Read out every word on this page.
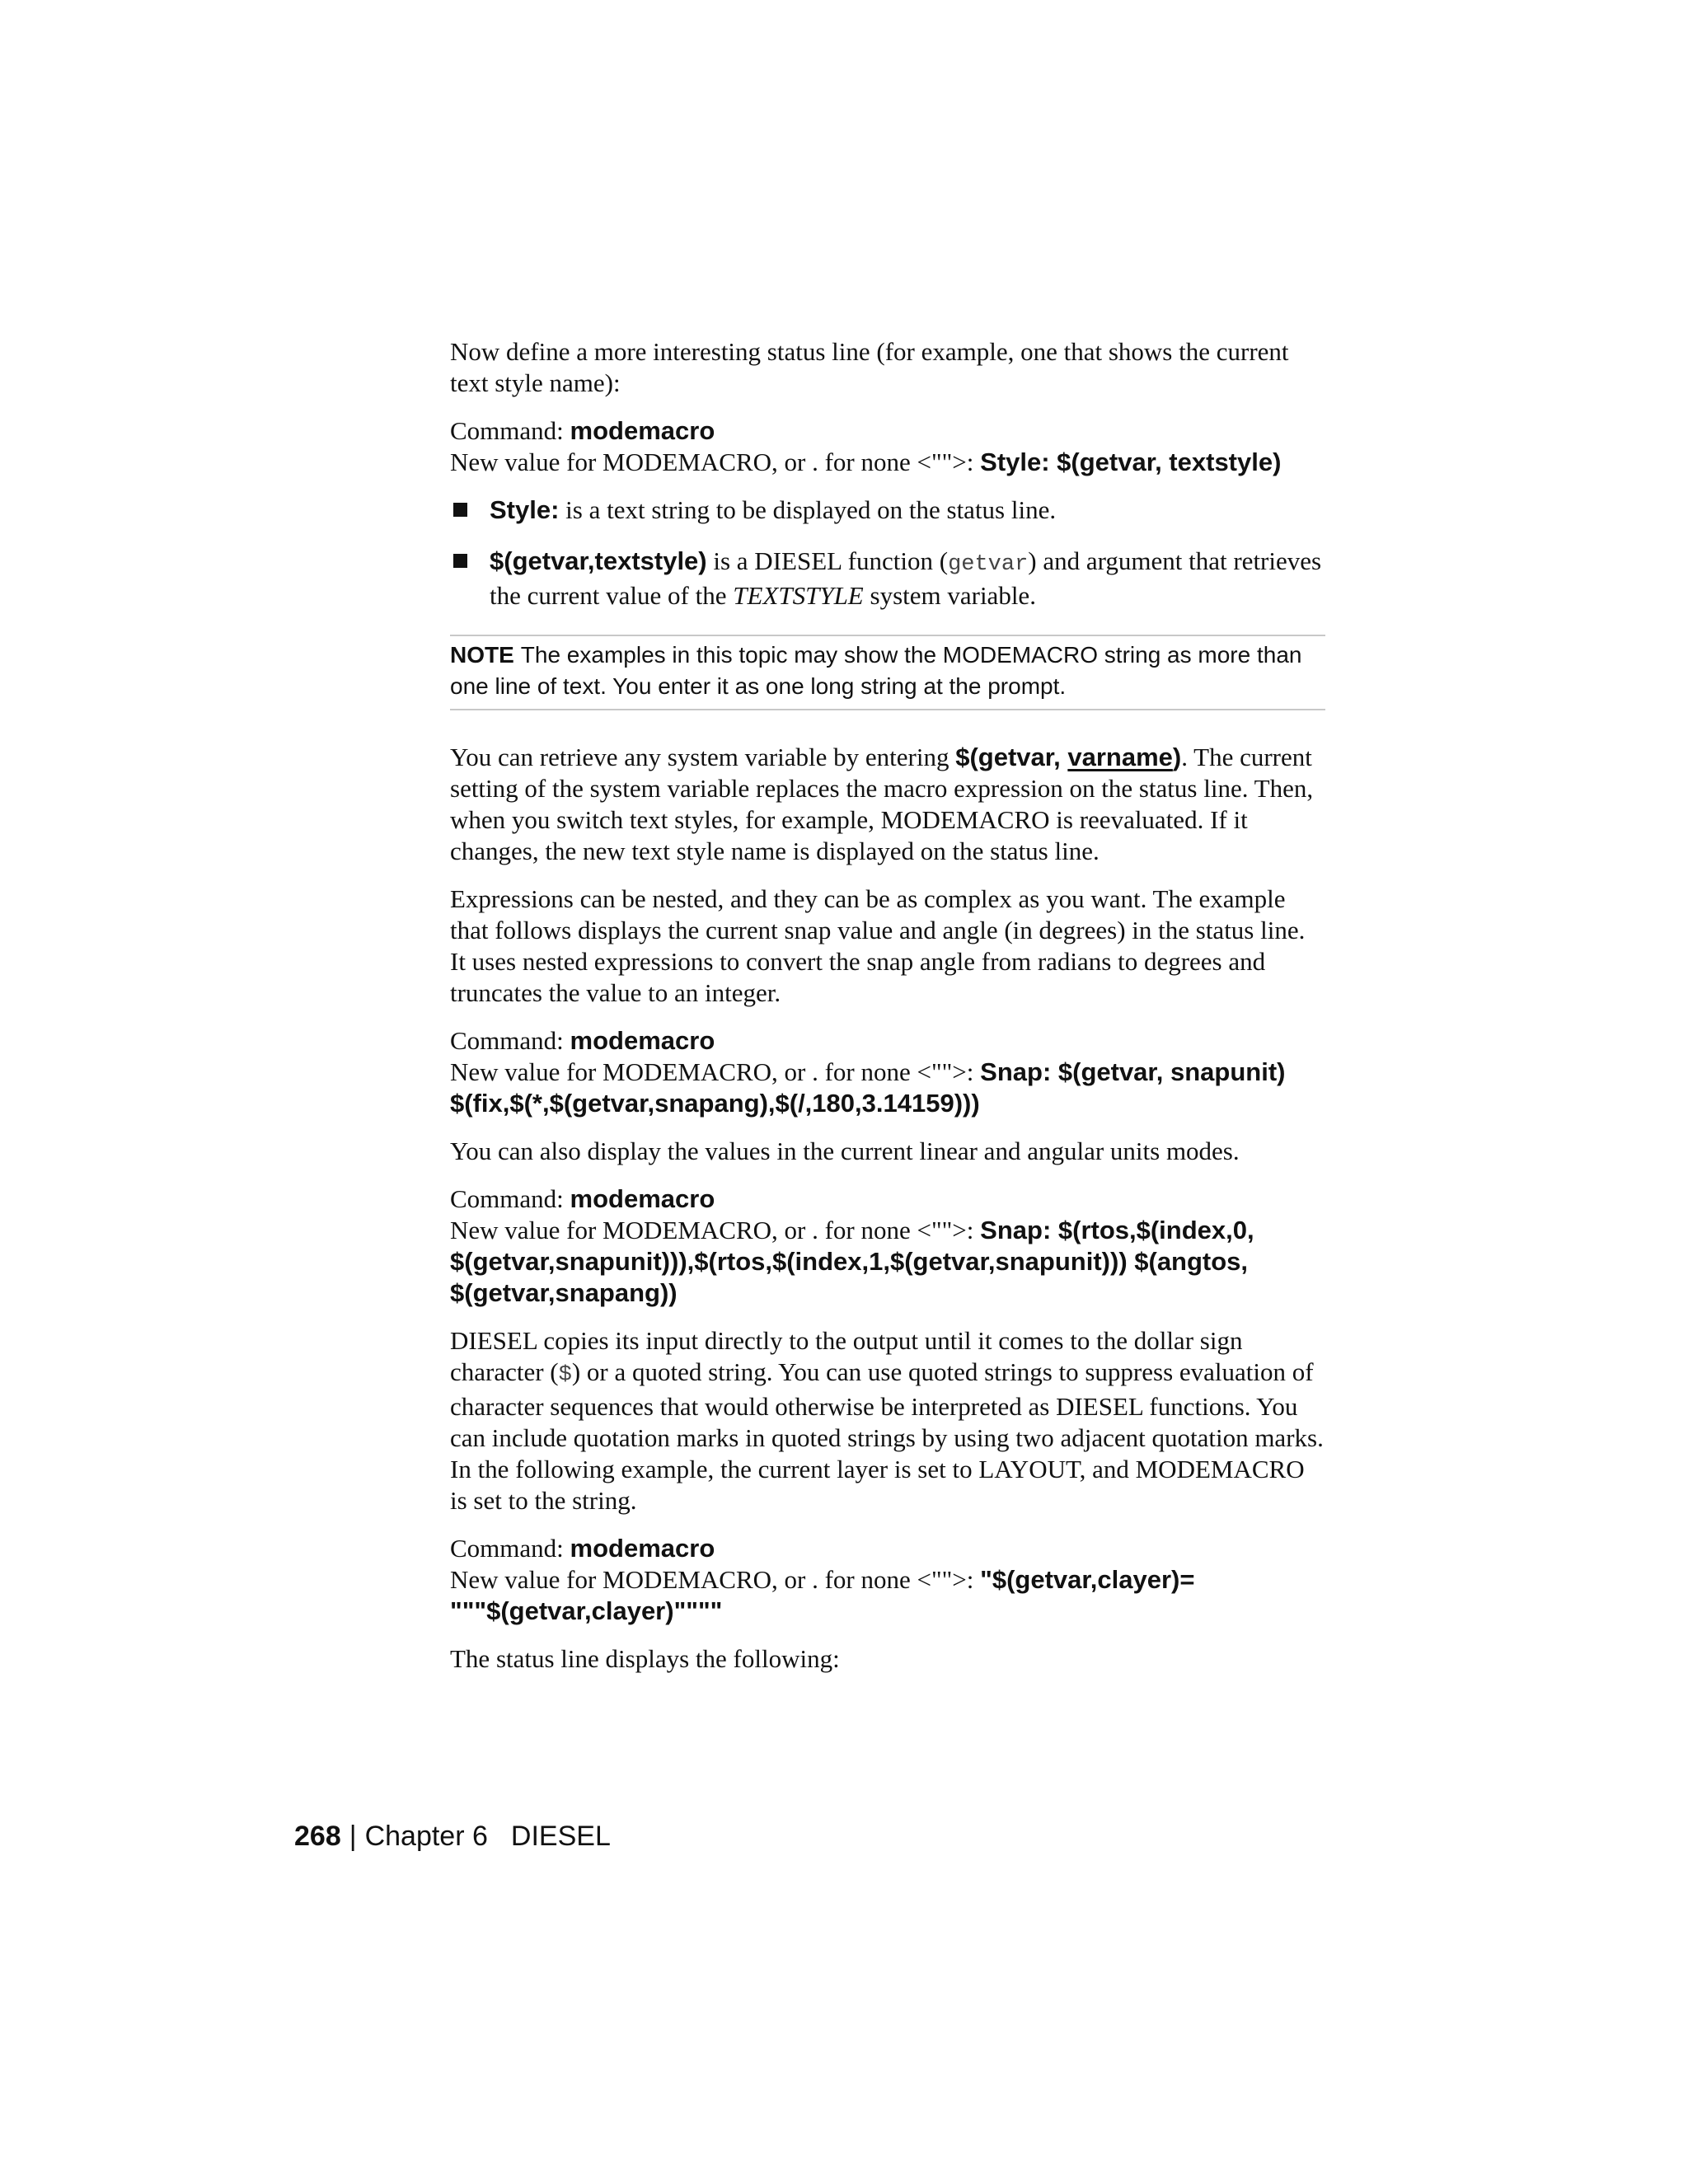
Now define a more interesting status line (for example, one that shows the current text style name):

Command: modemacro
New value for MODEMACRO, or . for none <"">: Style: $(getvar, textstyle)
Style: is a text string to be displayed on the status line.
$(getvar,textstyle) is a DIESEL function (getvar) and argument that retrieves the current value of the TEXTSTYLE system variable.
NOTE The examples in this topic may show the MODEMACRO string as more than one line of text. You enter it as one long string at the prompt.

You can retrieve any system variable by entering $(getvar, varname). The current setting of the system variable replaces the macro expression on the status line. Then, when you switch text styles, for example, MODEMACRO is reevaluated. If it changes, the new text style name is displayed on the status line.

Expressions can be nested, and they can be as complex as you want. The example that follows displays the current snap value and angle (in degrees) in the status line. It uses nested expressions to convert the snap angle from radians to degrees and truncates the value to an integer.

Command: modemacro
New value for MODEMACRO, or . for none <"">: Snap: $(getvar, snapunit)
$(fix,$(*,$(getvar,snapang),$(/,180,3.14159)))

You can also display the values in the current linear and angular units modes.

Command: modemacro
New value for MODEMACRO, or . for none <"">: Snap: $(rtos,$(index,0,
$(getvar,snapunit))),$(rtos,$(index,1,$(getvar,snapunit))) $(angtos,
$(getvar,snapang))

DIESEL copies its input directly to the output until it comes to the dollar sign character ($) or a quoted string. You can use quoted strings to suppress evaluation of character sequences that would otherwise be interpreted as DIESEL functions. You can include quotation marks in quoted strings by using two adjacent quotation marks. In the following example, the current layer is set to LAYOUT, and MODEMACRO is set to the string.

Command: modemacro
New value for MODEMACRO, or . for none <"">: "$(getvar,clayer)=
"""$(getvar,clayer)""""

The status line displays the following:

268 | Chapter 6 DIESEL
